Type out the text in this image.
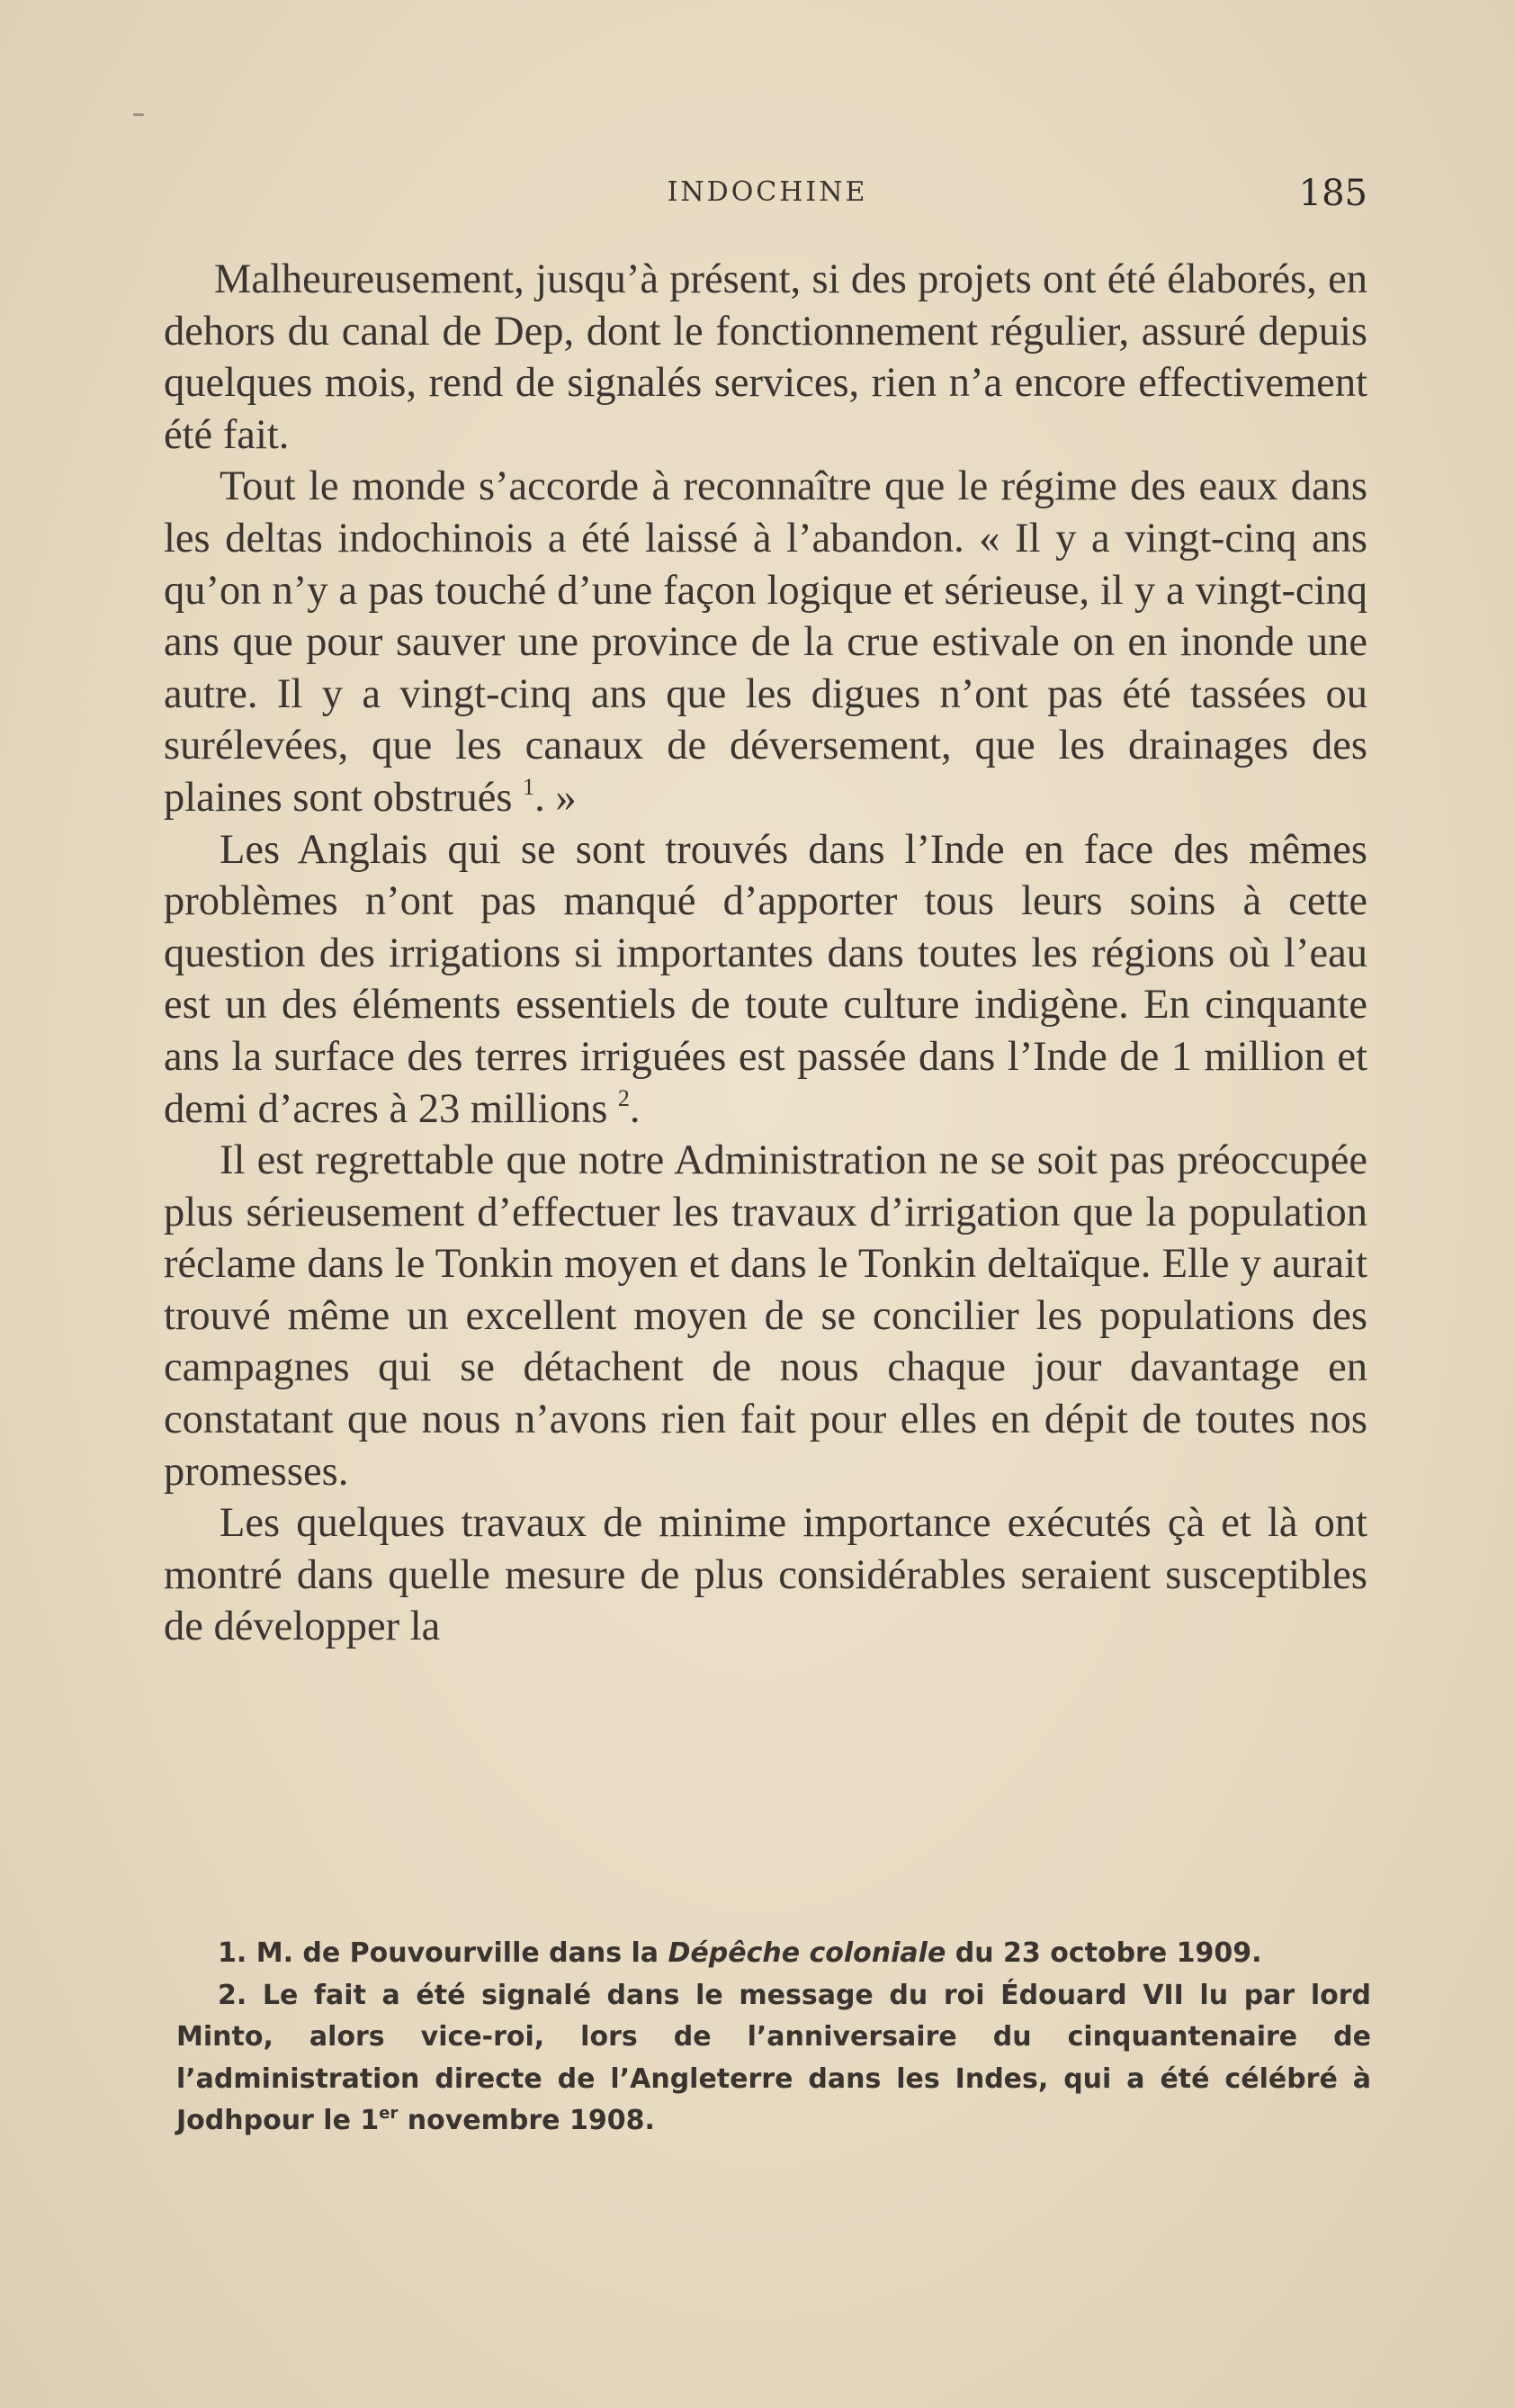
INDOCHINE	185

Malheureusement, jusqu’à présent, si des projets ont été élaborés, en dehors du canal de Dep, dont le fonctionnement régulier, assuré depuis quelques mois, rend de signalés services, rien n’a encore effectivement été fait.

Tout le monde s’accorde à reconnaître que le régime des eaux dans les deltas indochinois a été laissé à l’abandon. « Il y a vingt-cinq ans qu’on n’y a pas touché d’une façon logique et sérieuse, il y a vingt-cinq ans que pour sauver une province de la crue estivale on en inonde une autre. Il y a vingt-cinq ans que les digues n’ont pas été tassées ou surélevées, que les canaux de déversement, que les drainages des plaines sont obstrués $^1$. »

Les Anglais qui se sont trouvés dans l’Inde en face des mêmes problèmes n’ont pas manqué d’apporter tous leurs soins à cette question des irrigations si importantes dans toutes les régions où l’eau est un des éléments essentiels de toute culture indigène. En cinquante ans la surface des terres irriguées est passée dans l’Inde de 1 million et demi d’acres à 23 millions $^2$.

Il est regrettable que notre Administration ne se soit pas préoccupée plus sérieusement d’effectuer les travaux d’irrigation que la population réclame dans le Tonkin moyen et dans le Tonkin deltaïque. Elle y aurait trouvé même un excellent moyen de se concilier les populations des campagnes qui se détachent de nous chaque jour davantage en constatant que nous n’avons rien fait pour elles en dépit de toutes nos promesses.

Les quelques travaux de minime importance exécutés çà et là ont montré dans quelle mesure de plus considérables seraient susceptibles de développer la

1. M. de Pouvourville dans la Dépêche coloniale du 23 octobre 1909.

2. Le fait a été signalé dans le message du roi Édouard VII lu par lord Minto, alors vice-roi, lors de l’anniversaire du cinquantenaire de l’administration directe de l’Angleterre dans les Indes, qui a été célébré à Jodhpour le 1er novembre 1908.
